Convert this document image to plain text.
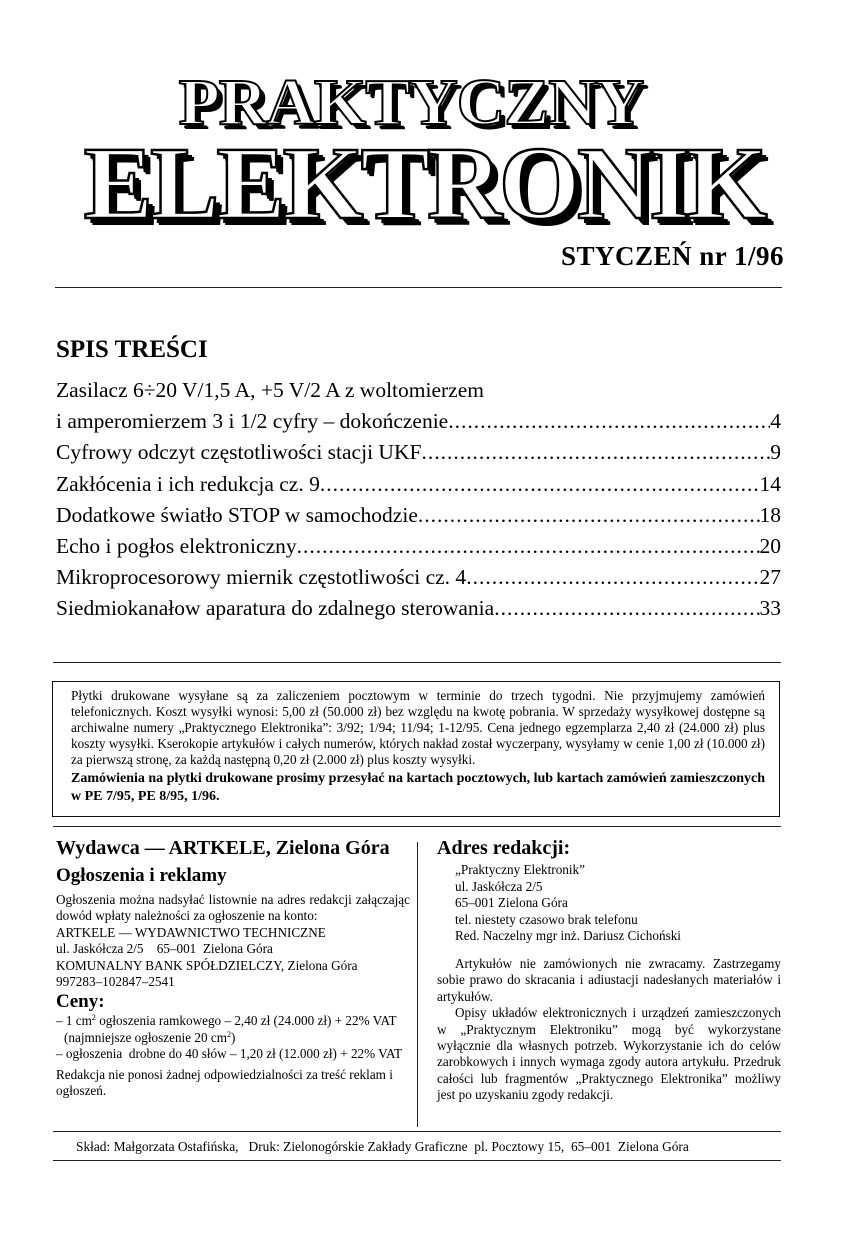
PRAKTYCZNY
ELEKTRONIK
STYCZEŃ nr 1/96
SPIS TREŚCI
Zasilacz 6÷20 V/1,5 A, +5 V/2 A z woltomierzem
i amperomierzem 3 i 1/2 cyfry – dokończenie .....	4
Cyfrowy odczyt częstotliwości stacji UKF .....	9
Zakłócenia i ich redukcja cz. 9 .....	14
Dodatkowe światło STOP w samochodzie .....	18
Echo i pogłos elektroniczny .....	20
Mikroprocesorowy miernik częstotliwości cz. 4 .....	27
Siedmiokanałow aparatura do zdalnego sterowania .....	33

Płytki drukowane wysyłane są za zaliczeniem pocztowym w terminie do trzech tygodni. Nie przyjmujemy zamówień telefonicznych. Koszt wysyłki wynosi: 5,00 zł (50.000 zł) bez względu na kwotę pobrania. W sprzedaży wysyłkowej dostępne są archiwalne numery „Praktycznego Elektronika”: 3/92; 1/94; 11/94; 1-12/95. Cena jednego egzemplarza 2,40 zł (24.000 zł) plus koszty wysyłki. Kserokopie artykułów i całych numerów, których nakład został wyczerpany, wysyłamy w cenie 1,00 zł (10.000 zł) za pierwszą stronę, za każdą następną 0,20 zł (2.000 zł) plus koszty wysyłki.

Zamówienia na płytki drukowane prosimy przesyłać na kartach pocztowych, lub kartach zamówień zamieszczonych w PE 7/95, PE 8/95, 1/96.

Wydawca — ARTKELE, Zielona Góra
Ogłoszenia i reklamy
Ogłoszenia można nadsyłać listownie na adres redakcji załączając dowód wpłaty należności za ogłoszenie na konto:
ARTKELE — WYDAWNICTWO TECHNICZNE
ul. Jaskółcza 2/5    65–001  Zielona Góra
KOMUNALNY BANK SPÓŁDZIELCZY, Zielona Góra
997283–102847–2541
Ceny:
– 1 $cm^2$ ogłoszenia ramkowego – 2,40 zł (24.000 zł) + 22% VAT
(najmniejsze ogłoszenie 20 $cm^2$)
– ogłoszenia  drobne do 40 słów – 1,20 zł (12.000 zł) + 22% VAT
Redakcja nie ponosi żadnej odpowiedzialności za treść reklam i ogłoszeń.
Adres redakcji:
„Praktyczny Elektronik”
ul. Jaskółcza 2/5
65–001 Zielona Góra
tel. niestety czasowo brak telefonu
Red. Naczelny mgr inż. Dariusz Cichoński
Artykułów nie zamówionych nie zwracamy. Zastrzegamy sobie prawo do skracania i adiustacji nadesłanych materiałów i artykułów.
Opisy układów elektronicznych i urządzeń zamieszczonych w „Praktycznym Elektroniku” mogą być wykorzystane wyłącznie dla własnych potrzeb. Wykorzystanie ich do celów zarobkowych i innych wymaga zgody autora artykułu. Przedruk całości lub fragmentów „Praktycznego Elektronika” możliwy jest po uzyskaniu zgody redakcji.
Skład: Małgorzata Ostafińska,   Druk: Zielonogórskie Zakłady Graficzne  pl. Pocztowy 15,  65–001  Zielona Góra
